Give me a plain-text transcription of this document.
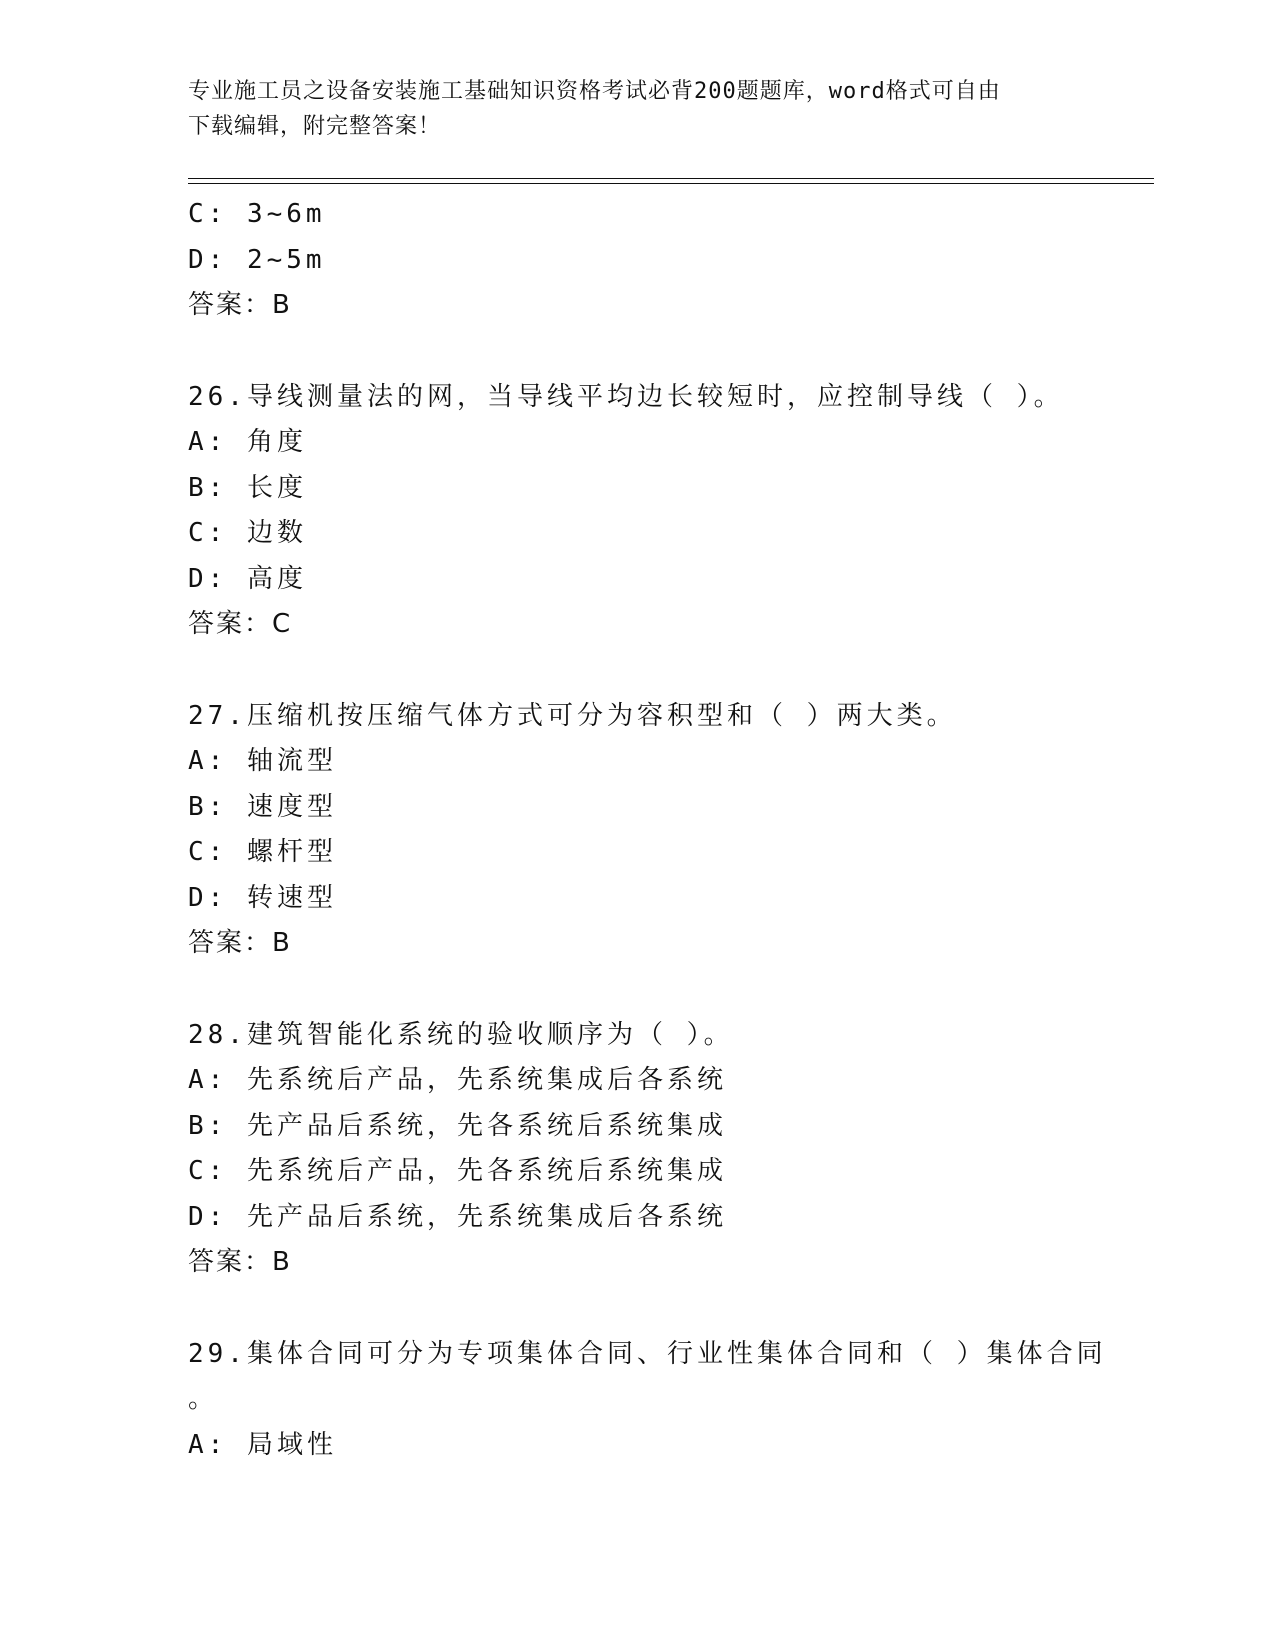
专业施工员之设备安装施工基础知识资格考试必背200题题库，word格式可自由
下载编辑，附完整答案！
C: 3~6m
D: 2~5m
答案：B
26.导线测量法的网，当导线平均边长较短时，应控制导线（ ）。
A: 角度
B: 长度
C: 边数
D: 高度
答案：C
27.压缩机按压缩气体方式可分为容积型和（ ）两大类。
A: 轴流型
B: 速度型
C: 螺杆型
D: 转速型
答案：B
28.建筑智能化系统的验收顺序为（ ）。
A: 先系统后产品，先系统集成后各系统
B: 先产品后系统，先各系统后系统集成
C: 先系统后产品，先各系统后系统集成
D: 先产品后系统，先系统集成后各系统
答案：B
29.集体合同可分为专项集体合同、行业性集体合同和（ ）集体合同
。
A: 局域性
